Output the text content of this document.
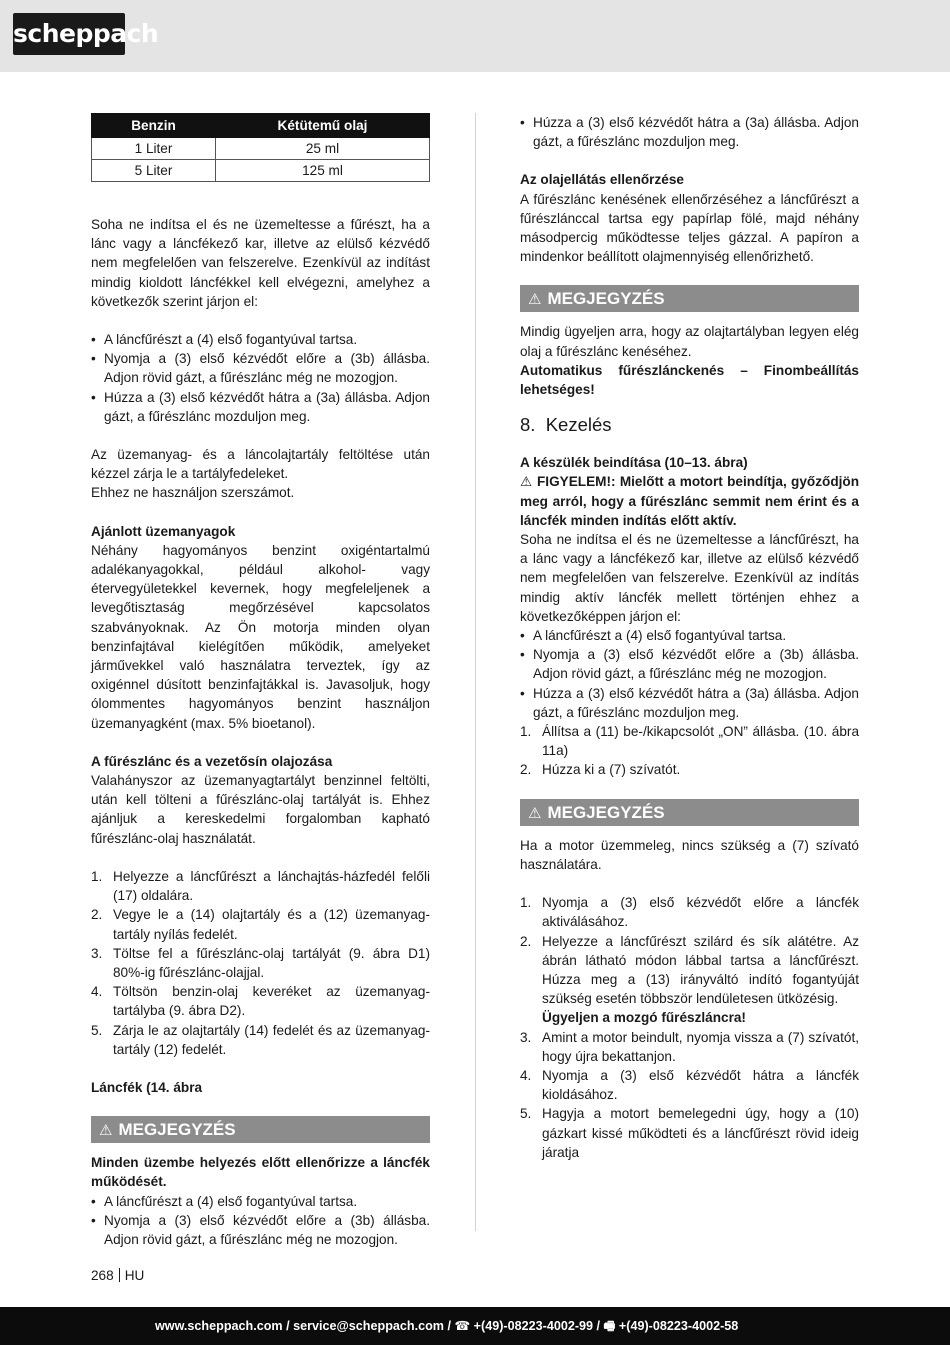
scheppach
Benzin	Kétütemű olaj
1 Liter	25 ml
5 Liter	125 ml

Soha ne indítsa el és ne üzemeltesse a fűrészt, ha a lánc vagy a láncfékező kar, illetve az elülső kézvédő nem megfelelően van felszerelve. Ezenkívül az indítást mindig kioldott láncfékkel kell elvégezni, amelyhez a következők szerint járjon el:

• A láncfűrészt a (4) első fogantyúval tartsa.
• Nyomja a (3) első kézvédőt előre a (3b) állásba. Adjon rövid gázt, a fűrészlánc még ne mozogjon.
• Húzza a (3) első kézvédőt hátra a (3a) állásba. Adjon gázt, a fűrészlánc mozduljon meg.

Az üzemanyag- és a láncolajtartály feltöltése után kézzel zárja le a tartályfedeleket.

Ehhez ne használjon szerszámot.

Ajánlott üzemanyagok

Néhány hagyományos benzint oxigéntartalmú adalékanyagokkal, például alkohol- vagy étervegyületekkel kevernek, hogy megfeleljenek a levegőtisztaság megőrzésével kapcsolatos szabványoknak. Az Ön motorja minden olyan benzinfajtával kielégítően működik, amelyeket járművekkel való használatra terveztek, így az oxigénnel dúsított benzinfajtákkal is. Javasoljuk, hogy ólommentes hagyományos benzint használjon üzemanyagként (max. 5% bioetanol).

A fűrészlánc és a vezetősín olajozása

Valahányszor az üzemanyagtartályt benzinnel feltölti, után kell tölteni a fűrészlánc-olaj tartályát is. Ehhez ajánljuk a kereskedelmi forgalomban kapható fűrészlánc-olaj használatát.

1. Helyezze a láncfűrészt a lánchajtás-házfedél felőli (17) oldalára.
2. Vegye le a (14) olajtartály és a (12) üzemanyag-tartály nyílás fedelét.
3. Töltse fel a fűrészlánc-olaj tartályát (9. ábra D1) 80%-ig fűrészlánc-olajjal.
4. Töltsön benzin-olaj keveréket az üzemanyag-tartályba (9. ábra D2).
5. Zárja le az olajtartály (14) fedelét és az üzemanyag-tartály (12) fedelét.

Láncfék (14. ábra

⚠ MEGJEGYZÉS

Minden üzembe helyezés előtt ellenőrizze a láncfék működését.

• A láncfűrészt a (4) első fogantyúval tartsa.
• Nyomja a (3) első kézvédőt előre a (3b) állásba. Adjon rövid gázt, a fűrészlánc még ne mozogjon.
• Húzza a (3) első kézvédőt hátra a (3a) állásba. Adjon gázt, a fűrészlánc mozduljon meg.

Az olajellátás ellenőrzése

A fűrészlánc kenésének ellenőrzéséhez a láncfűrészt a fűrészlánccal tartsa egy papírlap fölé, majd néhány másodpercig működtesse teljes gázzal. A papíron a mindenkor beállított olajmennyiség ellenőrizhető.

⚠ MEGJEGYZÉS

Mindig ügyeljen arra, hogy az olajtartályban legyen elég olaj a fűrészlánc kenéséhez.

Automatikus fűrészlánckenés – Finombeállítás lehetséges!

8. Kezelés

A készülék beindítása (10–13. ábra)

⚠ FIGYELEM!: Mielőtt a motort beindítja, győződjön meg arról, hogy a fűrészlánc semmit nem érint és a láncfék minden indítás előtt aktív.

Soha ne indítsa el és ne üzemeltesse a láncfűrészt, ha a lánc vagy a láncfékező kar, illetve az elülső kézvédő nem megfelelően van felszerelve. Ezenkívül az indítás mindig aktív láncfék mellett történjen ehhez a következőképpen járjon el:

• A láncfűrészt a (4) első fogantyúval tartsa.
• Nyomja a (3) első kézvédőt előre a (3b) állásba. Adjon rövid gázt, a fűrészlánc még ne mozogjon.
• Húzza a (3) első kézvédőt hátra a (3a) állásba. Adjon gázt, a fűrészlánc mozduljon meg.
1. Állítsa a (11) be-/kikapcsolót „ON” állásba. (10. ábra 11a)
2. Húzza ki a (7) szívatót.
⚠ MEGJEGYZÉS

Ha a motor üzemmeleg, nincs szükség a (7) szívató használatára.

1. Nyomja a (3) első kézvédőt előre a láncfék aktiválásához.
2. Helyezze a láncfűrészt szilárd és sík alátétre. Az ábrán látható módon lábbal tartsa a láncfűrészt. Húzza meg a (13) irányváltó indító fogantyúját szükség esetén többször lendületesen ütközésig.
Ügyeljen a mozgó fűrészláncra!
3. Amint a motor beindult, nyomja vissza a (7) szívatót, hogy újra bekattanjon.
4. Nyomja a (3) első kézvédőt hátra a láncfék kioldásához.
5. Hagyja a motort bemelegedni úgy, hogy a (10) gázkart kissé működteti és a láncfűrészt rövid ideig járatja
268 HU
www.scheppach.com / service@scheppach.com / ☎ +(49)-08223-4002-99 / 🖷 +(49)-08223-4002-58
